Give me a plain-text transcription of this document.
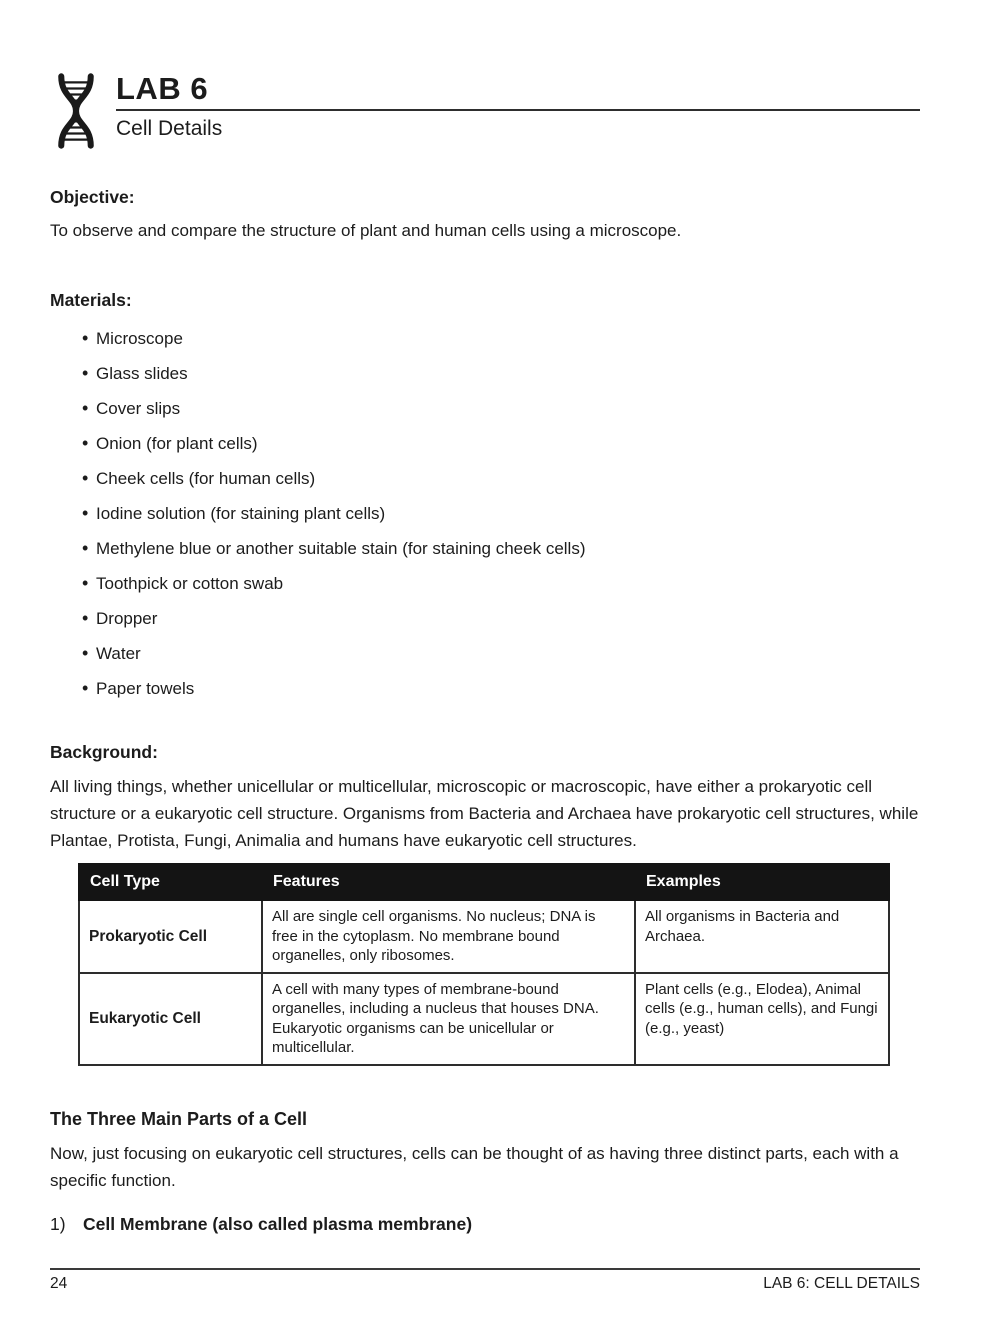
LAB 6
Cell Details
Objective:
To observe and compare the structure of plant and human cells using a microscope.
Materials:
• Microscope
• Glass slides
• Cover slips
• Onion (for plant cells)
• Cheek cells (for human cells)
• Iodine solution (for staining plant cells)
• Methylene blue or another suitable stain (for staining cheek cells)
• Toothpick or cotton swab
• Dropper
• Water
• Paper towels
Background:
All living things, whether unicellular or multicellular, microscopic or macroscopic, have either a prokaryotic cell structure or a eukaryotic cell structure. Organisms from Bacteria and Archaea have prokaryotic cell structures, while Plantae, Protista, Fungi, Animalia and humans have eukaryotic cell structures.
Cell Type	Features	Examples
Prokaryotic Cell	All are single cell organisms. No nucleus; DNA is free in the cytoplasm. No membrane bound organelles, only ribosomes.	All organisms in Bacteria and Archaea.
Eukaryotic Cell	A cell with many types of membrane-bound organelles, including a nucleus that houses DNA. Eukaryotic organisms can be unicellular or multicellular.	Plant cells (e.g., Elodea), Animal cells (e.g., human cells), and Fungi (e.g., yeast)
The Three Main Parts of a Cell
Now, just focusing on eukaryotic cell structures, cells can be thought of as having three distinct parts, each with a specific function.
1) Cell Membrane (also called plasma membrane)
24	LAB 6: CELL DETAILS
